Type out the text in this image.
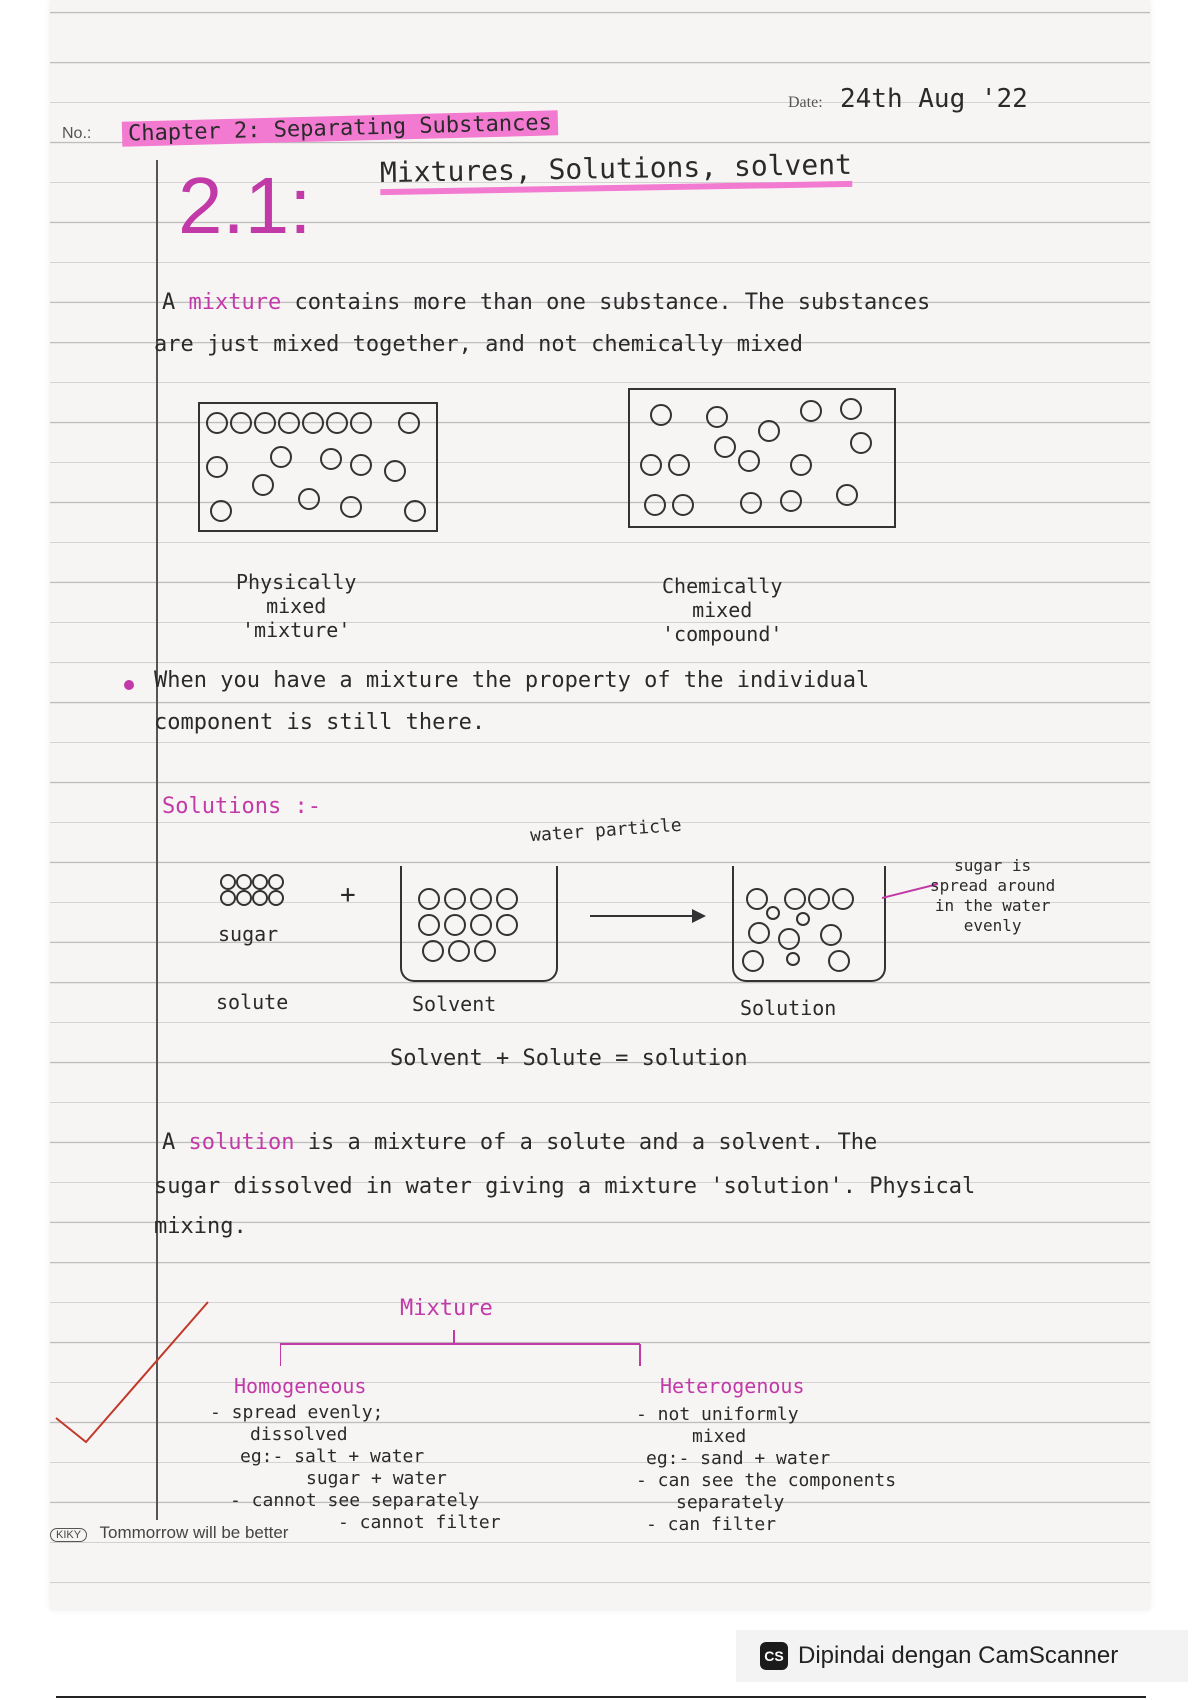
No.: Chapter 2: Separating Substances
Date: 24th Aug '22
2.1: Mixtures, Solutions, solvent
A mixture contains more than one substance. The substances
are just mixed together, and not chemically mixed
Physically
mixed
'mixture'
Chemically
mixed
'compound'
When you have a mixture the property of the individual
component is still there.
Solutions :-
water particle
+
sugar
sugar is
spread around
in the water
evenly
solute	Solvent	Solution
Solvent + Solute = solution
A solution is a mixture of a solute and a solvent. The
sugar dissolved in water giving a mixture 'solution'. Physical
mixing.
Mixture
Homogeneous
- spread evenly;
dissolved
eg:- salt + water
sugar + water
- cannot see separately
- cannot filter
Heterogenous
- not uniformly
mixed
eg:- sand + water
- can see the components
separately
- can filter
KIKY Tommorrow will be better
CS Dipindai dengan CamScanner
